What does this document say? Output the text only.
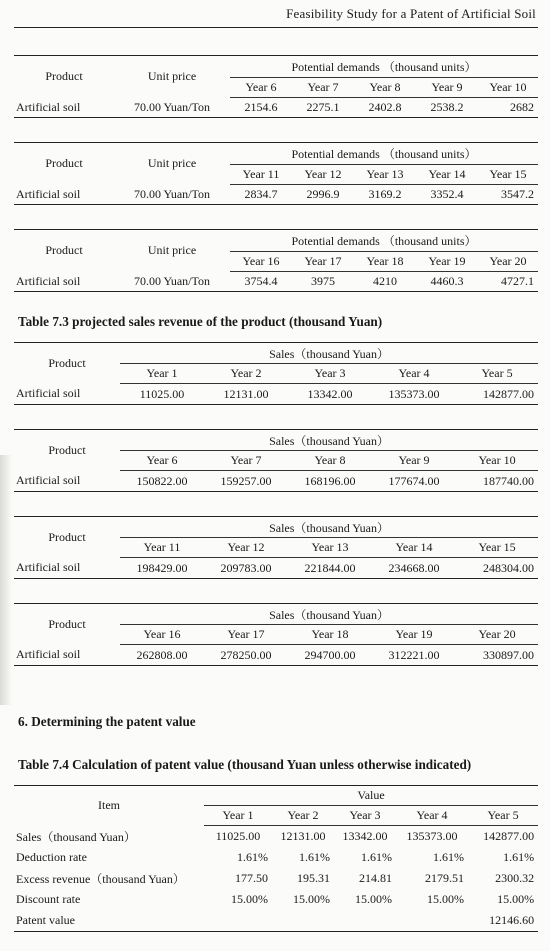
Feasibility Study for a Patent of Artificial Soil
Product	Unit price	Potential demands （thousand units）				
		Year 6	Year 7	Year 8	Year 9	Year 10
Artificial soil	70.00 Yuan/Ton	2154.6	2275.1	2402.8	2538.2	2682
Product	Unit price	Potential demands （thousand units）				
		Year 11	Year 12	Year 13	Year 14	Year 15
Artificial soil	70.00 Yuan/Ton	2834.7	2996.9	3169.2	3352.4	3547.2
Product	Unit price	Potential demands （thousand units）				
		Year 16	Year 17	Year 18	Year 19	Year 20
Artificial soil	70.00 Yuan/Ton	3754.4	3975	4210	4460.3	4727.1
Table 7.3 projected sales revenue of the product (thousand Yuan)
Product	Sales（thousand Yuan）				
	Year 1	Year 2	Year 3	Year 4	Year 5
Artificial soil	11025.00	12131.00	13342.00	135373.00	142877.00
Product	Sales（thousand Yuan）				
	Year 6	Year 7	Year 8	Year 9	Year 10
Artificial soil	150822.00	159257.00	168196.00	177674.00	187740.00
Product	Sales（thousand Yuan）				
	Year 11	Year 12	Year 13	Year 14	Year 15
Artificial soil	198429.00	209783.00	221844.00	234668.00	248304.00
Product	Sales（thousand Yuan）				
	Year 16	Year 17	Year 18	Year 19	Year 20
Artificial soil	262808.00	278250.00	294700.00	312221.00	330897.00
6. Determining the patent value
Table 7.4 Calculation of patent value (thousand Yuan unless otherwise indicated)
Item	Value				
	Year 1	Year 2	Year 3	Year 4	Year 5
Sales（thousand Yuan）	11025.00	12131.00	13342.00	135373.00	142877.00
Deduction rate	1.61%	1.61%	1.61%	1.61%	1.61%
Excess revenue（thousand Yuan）	177.50	195.31	214.81	2179.51	2300.32
Discount rate	15.00%	15.00%	15.00%	15.00%	15.00%
Patent value					12146.60
